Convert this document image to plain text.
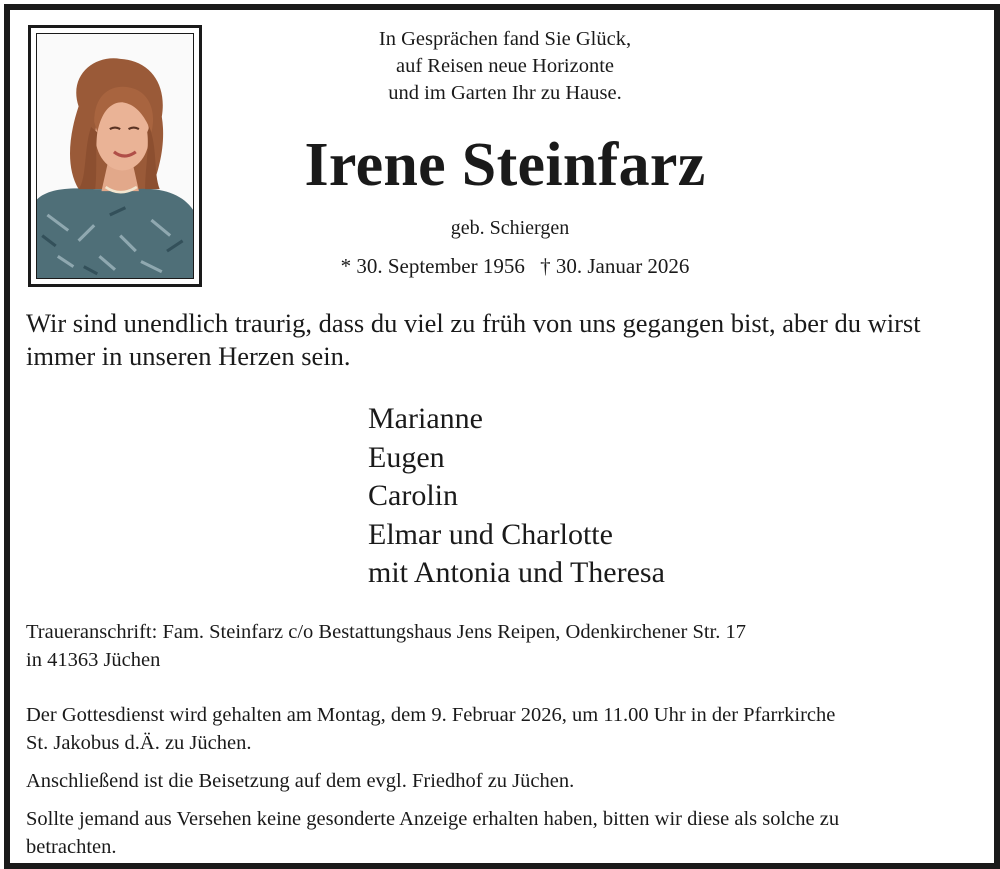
In Gesprächen fand Sie Glück,
auf Reisen neue Horizonte
und im Garten Ihr zu Hause.
Irene Steinfarz
geb. Schiergen
* 30. September 1956 † 30. Januar 2026
Wir sind unendlich traurig, dass du viel zu früh von uns gegangen bist, aber du wirst immer in unseren Herzen sein.
Marianne
Eugen
Carolin
Elmar und Charlotte
mit Antonia und Theresa
Traueranschrift: Fam. Steinfarz c/o Bestattungshaus Jens Reipen, Odenkirchener Str. 17
in 41363 Jüchen
Der Gottesdienst wird gehalten am Montag, dem 9. Februar 2026, um 11.00 Uhr in der Pfarrkirche
St. Jakobus d.Ä. zu Jüchen.
Anschließend ist die Beisetzung auf dem evgl. Friedhof zu Jüchen.
Sollte jemand aus Versehen keine gesonderte Anzeige erhalten haben, bitten wir diese als solche zu
betrachten.
